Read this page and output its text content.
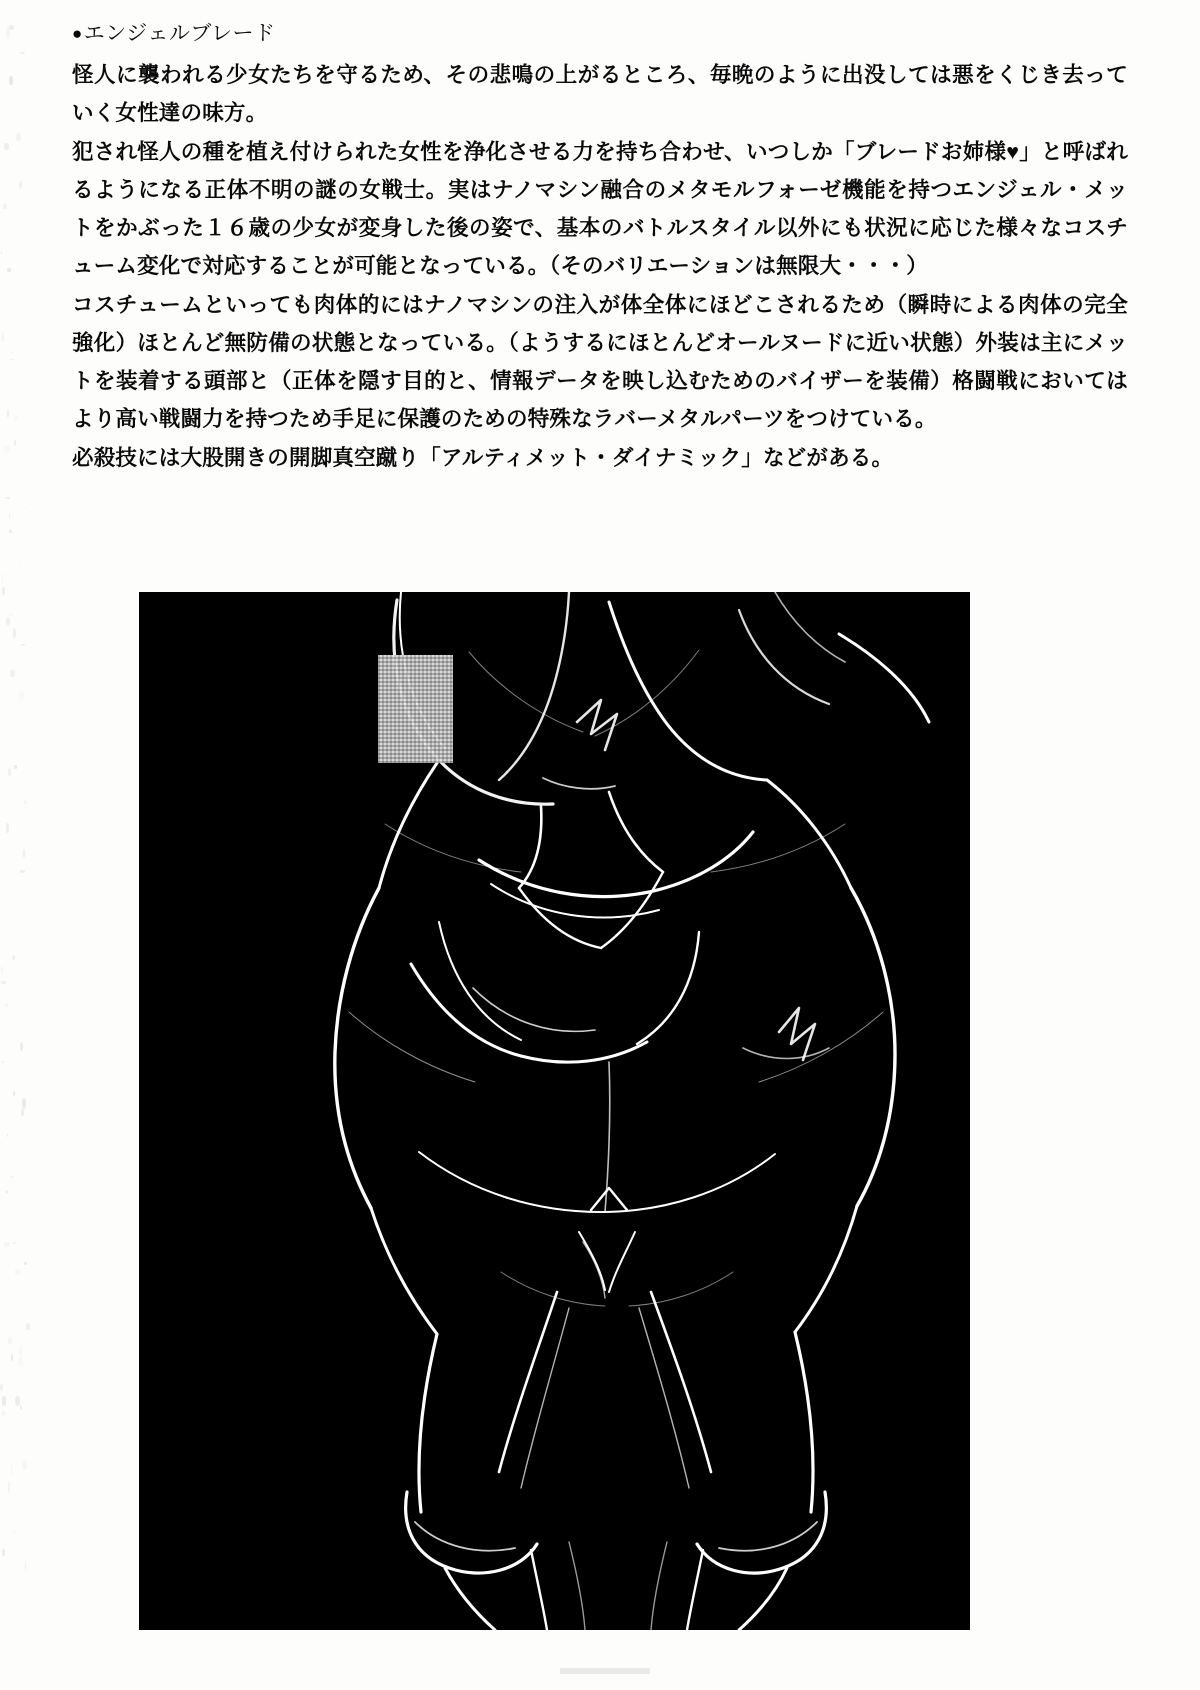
●エンジェルブレード

怪人に襲われる少女たちを守るため、その悲鳴の上がるところ、毎晩のように出没しては悪をくじき去っていく女性達の味方。

犯され怪人の種を植え付けられた女性を浄化させる力を持ち合わせ、いつしか「ブレードお姉様♥」と呼ばれるようになる正体不明の謎の女戦士。実はナノマシン融合のメタモルフォーゼ機能を持つエンジェル・メットをかぶった１６歳の少女が変身した後の姿で、基本のバトルスタイル以外にも状況に応じた様々なコスチューム変化で対応することが可能となっている。（そのバリエーションは無限大・・・）

コスチュームといっても肉体的にはナノマシンの注入が体全体にほどこされるため（瞬時による肉体の完全強化）ほとんど無防備の状態となっている。（ようするにほとんどオールヌードに近い状態）外装は主にメットを装着する頭部と（正体を隠す目的と、情報データを映し込むためのバイザーを装備）格闘戦においてはより高い戦闘力を持つため手足に保護のための特殊なラバーメタルパーツをつけている。

必殺技には大股開きの開脚真空蹴り「アルティメット・ダイナミック」などがある。
